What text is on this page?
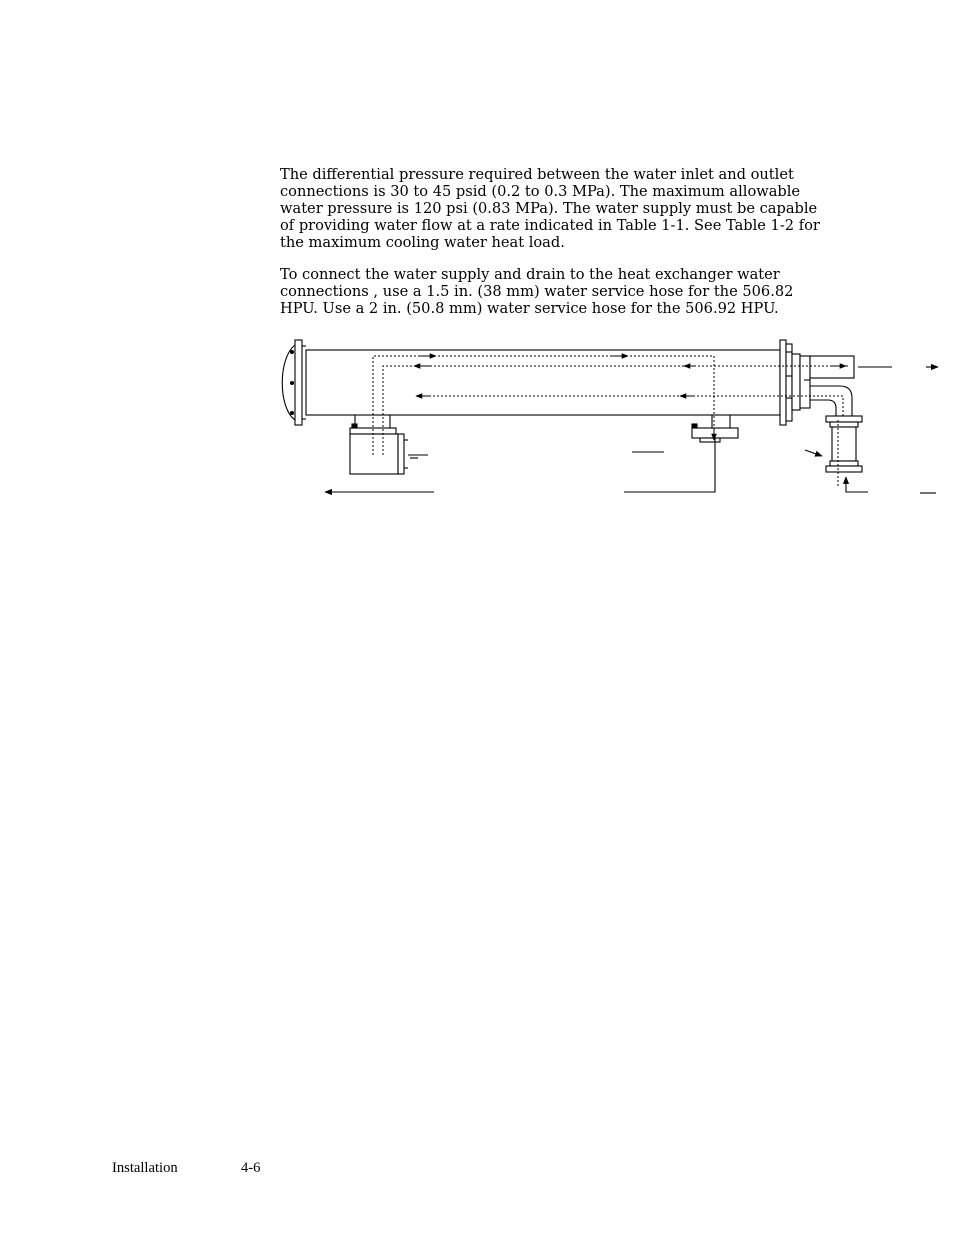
The differential pressure required between the water inlet and outlet connections is 30 to 45 psid (0.2 to 0.3 MPa). The maximum allowable water pressure is 120 psi (0.83 MPa). The water supply must be capable of providing water flow at a rate indicated in Table 1-1. See Table 1-2 for the maximum cooling water heat load.

To connect the water supply and drain to the heat exchanger water connections , use a 1.5 in. (38 mm) water service hose for the 506.82 HPU. Use a 2 in. (50.8 mm) water service hose for the 506.92 HPU.

Installation	4-6
